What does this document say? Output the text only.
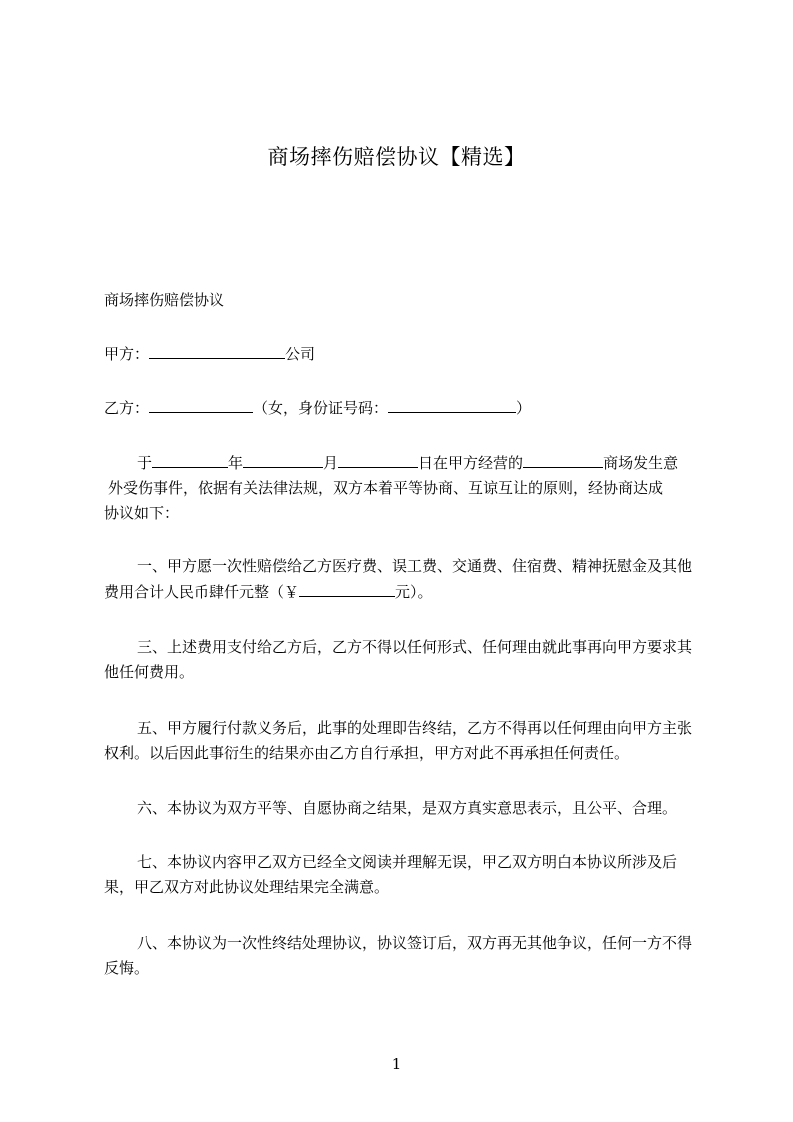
商场摔伤赔偿协议【精选】

商场摔伤赔偿协议

甲方：	公司

乙方：	（女，身份证号码：	）

于	年	月	日在甲方经营的	商场发生意
外受伤事件，依据有关法律法规，双方本着平等协商、互谅互让的原则，经协商达成
协议如下：

一、甲方愿一次性赔偿给乙方医疗费、误工费、交通费、住宿费、精神抚慰金及其他费用合计人民币肆仟元整（￥	元）。

三、上述费用支付给乙方后，乙方不得以任何形式、任何理由就此事再向甲方要求其他任何费用。

五、甲方履行付款义务后，此事的处理即告终结，乙方不得再以任何理由向甲方主张权利。以后因此事衍生的结果亦由乙方自行承担，甲方对此不再承担任何责任。

六、本协议为双方平等、自愿协商之结果，是双方真实意思表示，且公平、合理。

七、本协议内容甲乙双方已经全文阅读并理解无误，甲乙双方明白本协议所涉及后果，甲乙双方对此协议处理结果完全满意。

八、本协议为一次性终结处理协议，协议签订后，双方再无其他争议，任何一方不得反悔。

1
